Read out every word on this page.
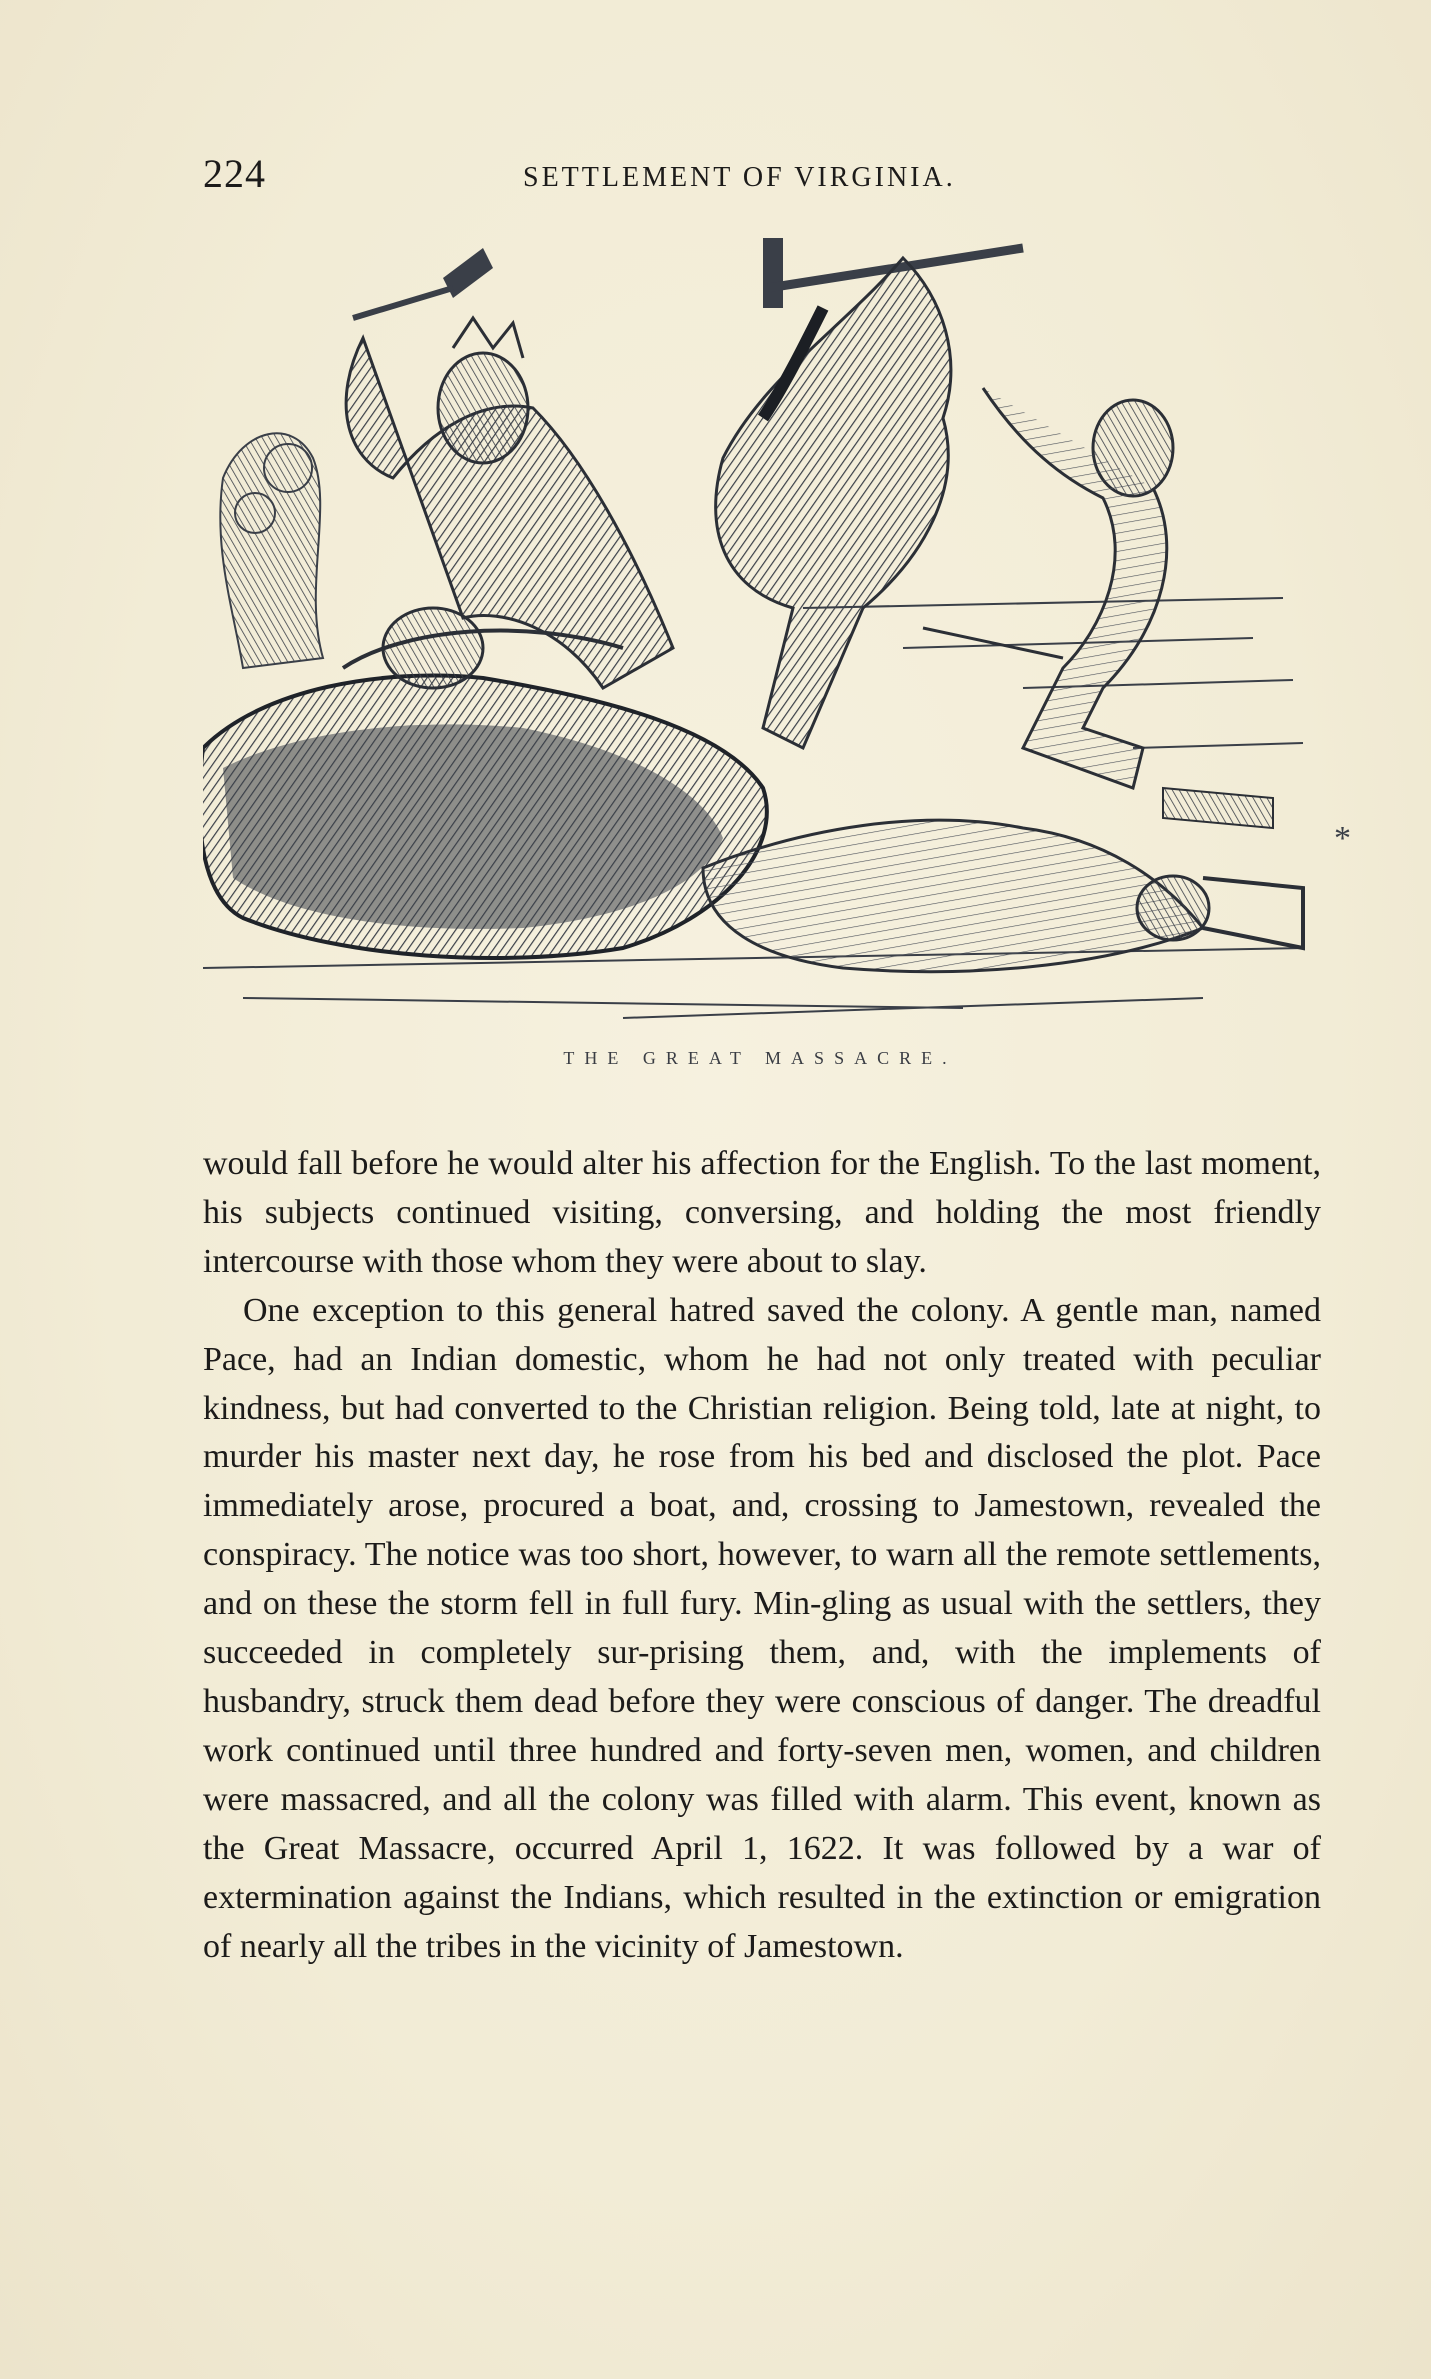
224	SETTLEMENT OF VIRGINIA.
*
THE GREAT MASSACRE.

would fall before he would alter his affection for the English. To the last moment, his subjects continued visiting, conversing, and holding the most friendly intercourse with those whom they were about to slay.

One exception to this general hatred saved the colony. A gentle man, named Pace, had an Indian domestic, whom he had not only treated with peculiar kindness, but had converted to the Christian religion. Being told, late at night, to murder his master next day, he rose from his bed and disclosed the plot. Pace immediately arose, procured a boat, and, crossing to Jamestown, revealed the conspiracy. The notice was too short, however, to warn all the remote settlements, and on these the storm fell in full fury. Min-gling as usual with the settlers, they succeeded in completely sur-prising them, and, with the implements of husbandry, struck them dead before they were conscious of danger. The dreadful work continued until three hundred and forty-seven men, women, and children were massacred, and all the colony was filled with alarm. This event, known as the Great Massacre, occurred April 1, 1622. It was followed by a war of extermination against the Indians, which resulted in the extinction or emigration of nearly all the tribes in the vicinity of Jamestown.
